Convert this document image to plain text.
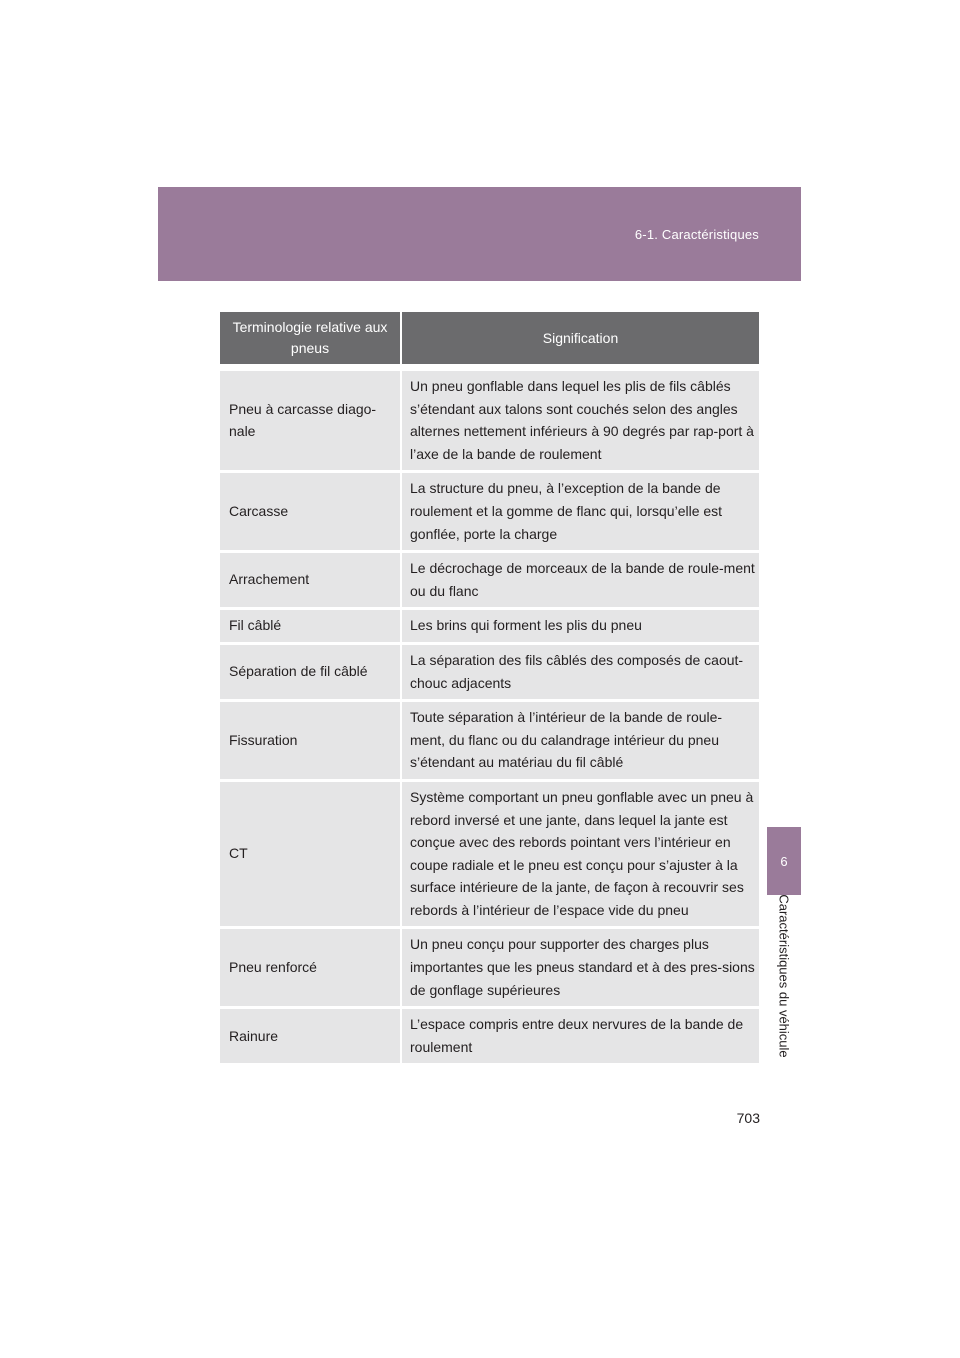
6-1. Caractéristiques
6
Caractéristiques du véhicule
Terminologie relative aux pneus	Signification

Pneu à carcasse diago-nale	Un pneu gonflable dans lequel les plis de fils câblés s’étendant aux talons sont couchés selon des angles alternes nettement inférieurs à 90 degrés par rap-port à l’axe de la bande de roulement
Carcasse	La structure du pneu, à l’exception de la bande de roulement et la gomme de flanc qui, lorsqu’elle est gonflée, porte la charge
Arrachement	Le décrochage de morceaux de la bande de roule-ment ou du flanc
Fil câblé	Les brins qui forment les plis du pneu
Séparation de fil câblé	La séparation des fils câblés des composés de caout-chouc adjacents
Fissuration	Toute séparation à l’intérieur de la bande de roule-ment, du flanc ou du calandrage intérieur du pneu s’étendant au matériau du fil câblé
CT	Système comportant un pneu gonflable avec un pneu à rebord inversé et une jante, dans lequel la jante est conçue avec des rebords pointant vers l’intérieur en coupe radiale et le pneu est conçu pour s’ajuster à la surface intérieure de la jante, de façon à recouvrir ses rebords à l’intérieur de l’espace vide du pneu
Pneu renforcé	Un pneu conçu pour supporter des charges plus importantes que les pneus standard et à des pres-sions de gonflage supérieures
Rainure	L’espace compris entre deux nervures de la bande de roulement
703
